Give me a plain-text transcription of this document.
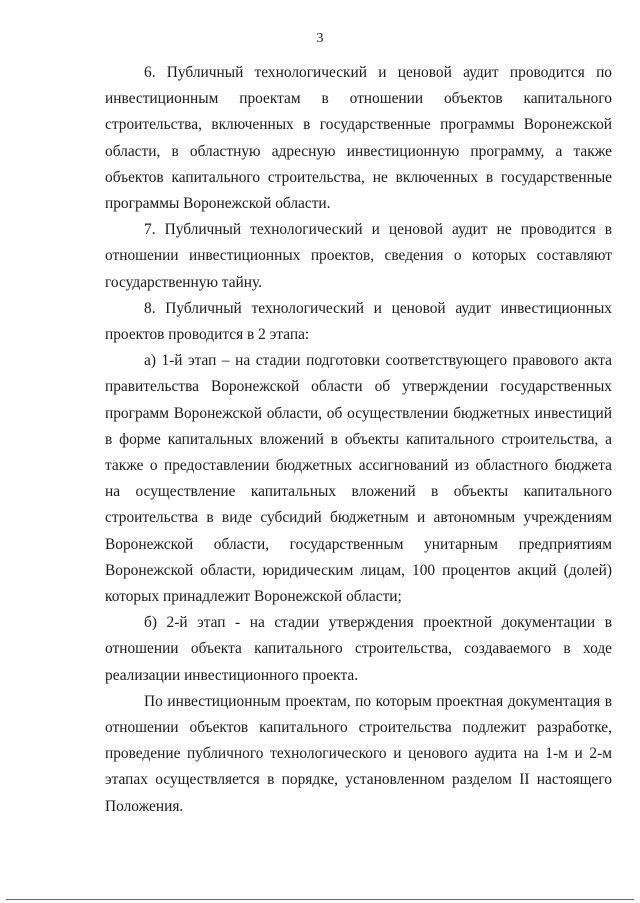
3

6. Публичный технологический и ценовой аудит проводится по инвестиционным проектам в отношении объектов капитального строительства, включенных в государственные программы Воронежской области, в областную адресную инвестиционную программу, а также объектов капитального строительства, не включенных в государственные программы Воронежской области.

7. Публичный технологический и ценовой аудит не проводится в отношении инвестиционных проектов, сведения о которых составляют государственную тайну.

8. Публичный технологический и ценовой аудит инвестиционных проектов проводится в 2 этапа:

а) 1-й этап – на стадии подготовки соответствующего правового акта правительства Воронежской области об утверждении государственных программ Воронежской области, об осуществлении бюджетных инвестиций в форме капитальных вложений в объекты капитального строительства, а также о предоставлении бюджетных ассигнований из областного бюджета на осуществление капитальных вложений в объекты капитального строительства в виде субсидий бюджетным и автономным учреждениям Воронежской области, государственным унитарным предприятиям Воронежской области, юридическим лицам, 100 процентов акций (долей) которых принадлежит Воронежской области;

б) 2-й этап - на стадии утверждения проектной документации в отношении объекта капитального строительства, создаваемого в ходе реализации инвестиционного проекта.

По инвестиционным проектам, по которым проектная документация в отношении объектов капитального строительства подлежит разработке, проведение публичного технологического и ценового аудита на 1-м и 2-м этапах осуществляется в порядке, установленном разделом II настоящего Положения.
